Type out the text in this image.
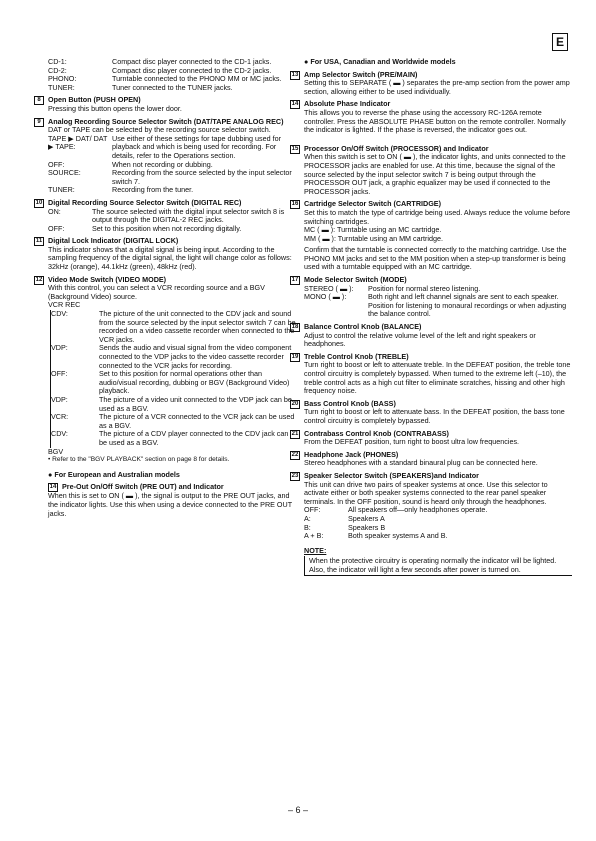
E
CD-1:	Compact disc player connected to the CD-1 jacks.
CD-2:	Compact disc player connected to the CD-2 jacks.
PHONO:	Turntable connected to the PHONO MM or MC jacks.
TUNER:	Tuner connected to the TUNER jacks.
8	Open Button (PUSH OPEN)

Pressing this button opens the lower door.

9	Analog Recording Source Selector Switch (DAT/TAPE ANALOG REC)

DAT or TAPE can be selected by the recording source selector switch.

TAPE ▶ DAT/ DAT ▶ TAPE:
Use either of these settings for tape dubbing used for playback and which is being used for recording. For details, refer to the Operations section.
OFF:	When not recording or dubbing.
SOURCE:	Recording from the source selected by the input selector switch 7.
TUNER:	Recording from the tuner.
10 Digital Recording Source Selector Switch (DIGITAL REC)
ON:	The source selected with the digital input selector switch 8 is output through the DIGITAL-2 REC jacks.
OFF:	Set to this position when not recording digitally.
11 Digital Lock Indicator (DIGITAL LOCK)

This indicator shows that a digital signal is being input. According to the sampling frequency of the digital signal, the light will change color as follows: 32kHz (orange), 44.1kHz (green), 48kHz (red).

12 Video Mode Switch (VIDEO MODE)

With this control, you can select a VCR recording source and a BGV (Background Video) source.

VCR REC
CDV:	The picture of the unit connected to the CDV jack and sound from the source selected by the input selector switch 7 can be recorded on a video cassette recorder when connected to the VCR jacks.
VDP:	Sends the audio and visual signal from the video component connected to the VDP jacks to the video cassette recorder connected to the VCR jacks for recording.
OFF:	Set to this position for normal operations other than audio/visual recording, dubbing or BGV (Background Video) playback.
VDP:	The picture of a video unit connected to the VDP jack can be used as a BGV.
VCR:	The picture of a VCR connected to the VCR jack can be used as a BGV.
CDV:	The picture of a CDV player connected to the CDV jack can be used as a BGV.
BGV
• Refer to the "BGV PLAYBACK" section on page 8 for details.
● For European and Australian models
14 Pre-Out On/Off Switch (PRE OUT) and Indicator

When this is set to ON ( ▬ ), the signal is output to the PRE OUT jacks, and the indicator lights. Use this when using a device connected to the PRE OUT jacks.

● For USA, Canadian and Worldwide models
13 Amp Selector Switch (PRE/MAIN)

Setting this to SEPARATE ( ▬ ) separates the pre-amp section from the power amp section, allowing either to be used individually.

14 Absolute Phase Indicator

This allows you to reverse the phase using the accessory RC-126A remote controller. Press the ABSOLUTE PHASE button on the remote controller. Normally the indicator is lighted. If the phase is reversed, the indicator goes out.

15 Processor On/Off Switch (PROCESSOR) and Indicator

When this switch is set to ON ( ▬ ), the indicator lights, and units connected to the PROCESSOR jacks are enabled for use. At this time, because the signal of the source selected by the input selector switch 7 is being output through the PROCESSOR OUT jack, a graphic equalizer may be used if connected to the PROCESSOR jacks.

16 Cartridge Selector Switch (CARTRIDGE)

Set this to match the type of cartridge being used. Always reduce the volume before switching cartridges.

MC ( ▬ ): Turntable using an MC cartridge.
MM ( ▬ ): Turntable using an MM cartridge.

Confirm that the turntable is connected correctly to the matching cartridge. Use the PHONO MM jacks and set to the MM position when a step-up transformer is being used with a turntable equipped with an MC cartridge.

17 Mode Selector Switch (MODE)
STEREO ( ▬ ):	Position for normal stereo listening.
MONO ( ▬ ):	Both right and left channel signals are sent to each speaker. Position for listening to monaural recordings or when adjusting the balance control.
18 Balance Control Knob (BALANCE)

Adjust to control the relative volume level of the left and right speakers or headphones.

19 Treble Control Knob (TREBLE)

Turn right to boost or left to attenuate treble. In the DEFEAT position, the treble tone control circuitry is completely bypassed. When turned to the extreme left (–10), the treble control acts as a high cut filter to eliminate scratches, hissing and other high frequency noise.

20 Bass Control Knob (BASS)

Turn right to boost or left to attenuate bass. In the DEFEAT position, the bass tone control circuitry is completely bypassed.

21 Contrabass Control Knob (CONTRABASS)

From the DEFEAT position, turn right to boost ultra low frequencies.

22 Headphone Jack (PHONES)

Stereo headphones with a standard binaural plug can be connected here.

23 Speaker Selector Switch (SPEAKERS)and Indicator

This unit can drive two pairs of speaker systems at once. Use this selector to activate either or both speaker systems connected to the rear panel speaker terminals. In the OFF position, sound is heard only through the headphones.

OFF:	All speakers off—only headphones operate.
A:	Speakers A
B:	Speakers B
A + B:	Both speaker systems A and B.
NOTE:
When the protective circuitry is operating normally the indicator will be lighted. Also, the indicator will light a few seconds after power is turned on.
– 6 –
